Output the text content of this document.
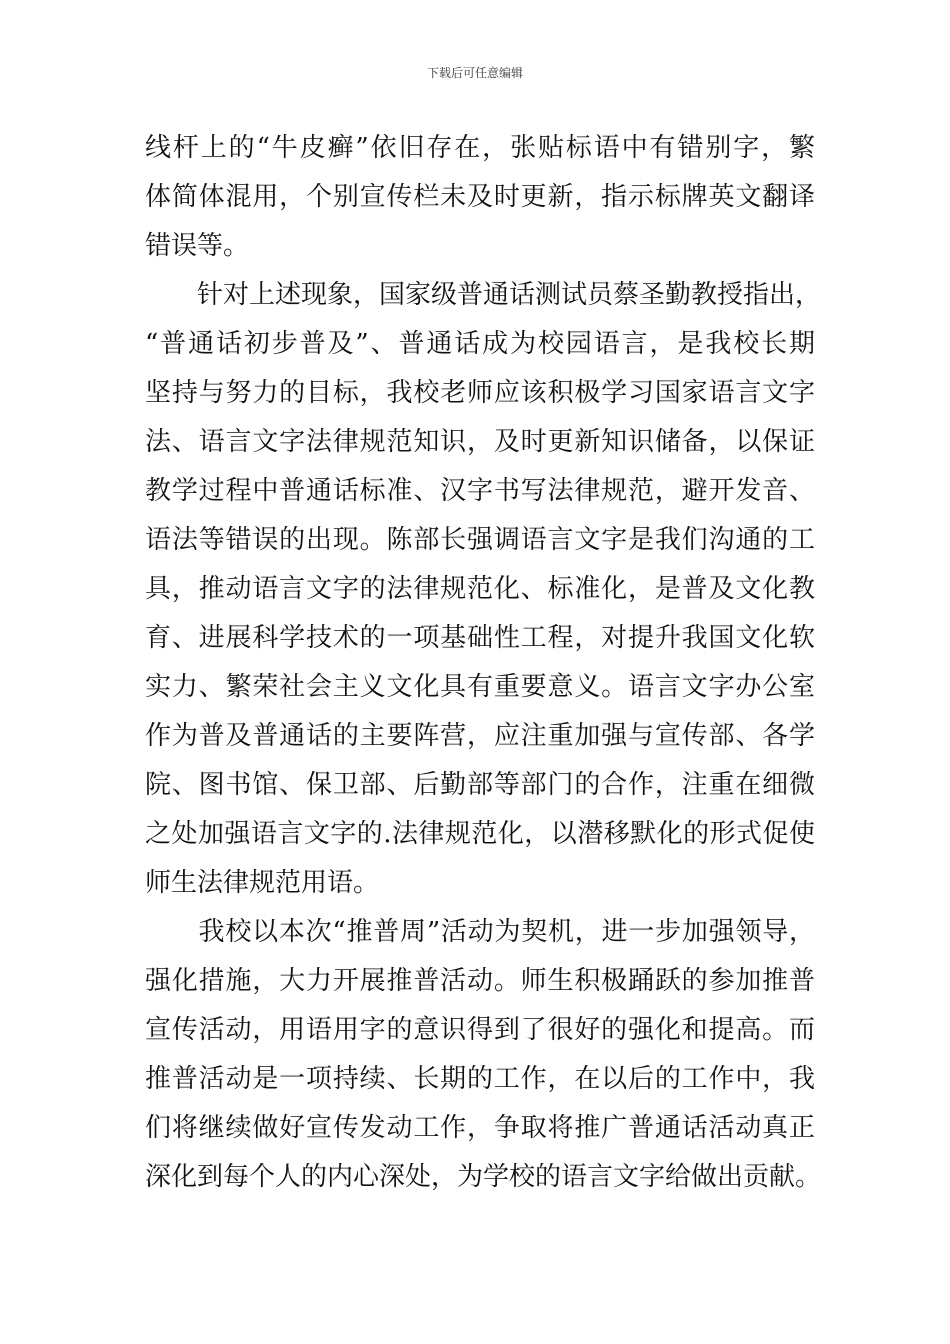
下载后可任意编辑
线杆上的“牛皮癣”依旧存在，张贴标语中有错别字，繁
体简体混用，个别宣传栏未及时更新，指示标牌英文翻译
错误等。
　　针对上述现象，国家级普通话测试员蔡圣勤教授指出，
“普通话初步普及”、普通话成为校园语言，是我校长期
坚持与努力的目标，我校老师应该积极学习国家语言文字
法、语言文字法律规范知识，及时更新知识储备，以保证
教学过程中普通话标准、汉字书写法律规范，避开发音、
语法等错误的出现。陈部长强调语言文字是我们沟通的工
具，推动语言文字的法律规范化、标准化，是普及文化教
育、进展科学技术的一项基础性工程，对提升我国文化软
实力、繁荣社会主义文化具有重要意义。语言文字办公室
作为普及普通话的主要阵营，应注重加强与宣传部、各学
院、图书馆、保卫部、后勤部等部门的合作，注重在细微
之处加强语言文字的.法律规范化，以潜移默化的形式促使
师生法律规范用语。
　　我校以本次“推普周”活动为契机，进一步加强领导，
强化措施，大力开展推普活动。师生积极踊跃的参加推普
宣传活动，用语用字的意识得到了很好的强化和提高。而
推普活动是一项持续、长期的工作，在以后的工作中，我
们将继续做好宣传发动工作，争取将推广普通话活动真正
深化到每个人的内心深处，为学校的语言文字给做出贡献。
